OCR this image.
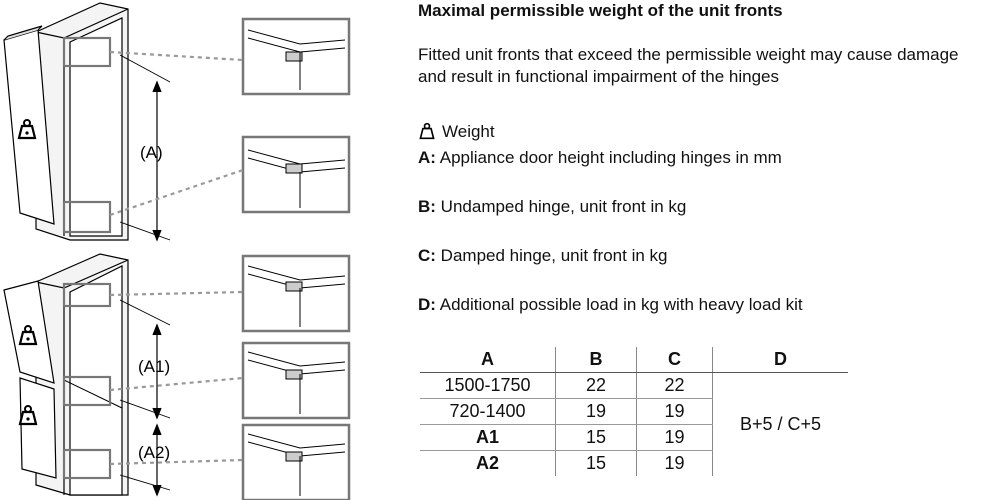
(A)
(A1)
(A2)
Maximal permissible weight of the unit fronts
Fitted unit fronts that exceed the permissible weight may cause damage and result in functional impairment of the hinges
Weight
A: Appliance door height including hinges in mm
B: Undamped hinge, unit front in kg
C: Damped hinge, unit front in kg
D: Additional possible load in kg with heavy load kit
A	B	C	D
1500-1750	22	22	B+5 / C+5
720-1400	19	19	
A1	15	19	
A2	15	19	
